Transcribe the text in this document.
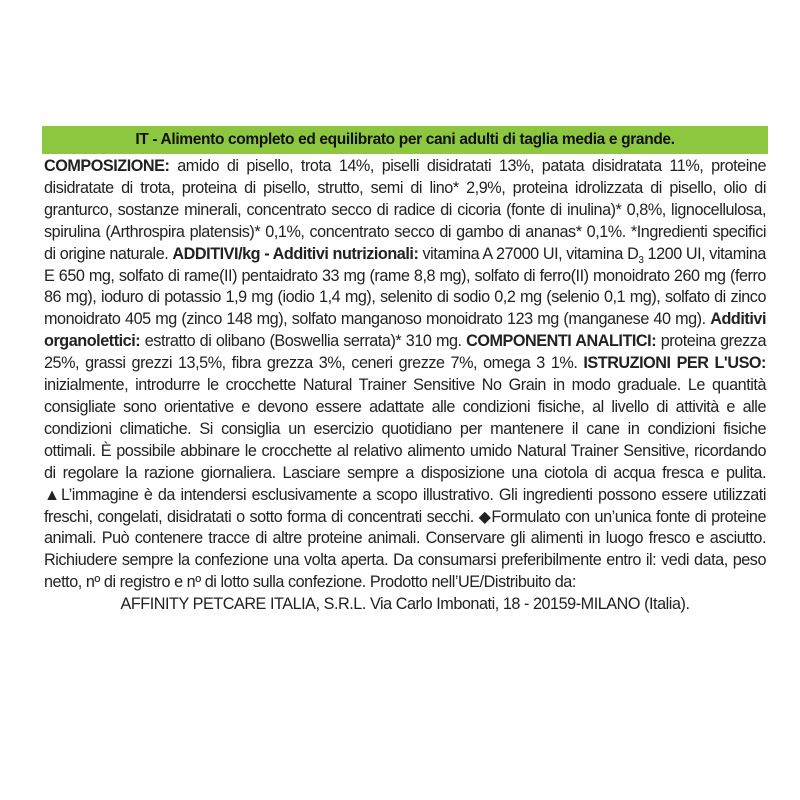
IT - Alimento completo ed equilibrato per cani adulti di taglia media e grande.
COMPOSIZIONE: amido di pisello, trota 14%, piselli disidratati 13%, patata disidratata 11%, proteine disidratate di trota, proteina di pisello, strutto, semi di lino* 2,9%, proteina idrolizzata di pisello, olio di granturco, sostanze minerali, concentrato secco di radice di cicoria (fonte di inulina)* 0,8%, lignocellulosa, spirulina (Arthrospira platensis)* 0,1%, concentrato secco di gambo di ananas* 0,1%. *Ingredienti specifici di origine naturale. ADDITIVI/kg - Additivi nutrizionali: vitamina A 27000 UI, vitamina $D_3$ 1200 UI, vitamina E 650 mg, solfato di rame(II) pentaidrato 33 mg (rame 8,8 mg), solfato di ferro(II) monoidrato 260 mg (ferro 86 mg), ioduro di potassio 1,9 mg (iodio 1,4 mg), selenito di sodio 0,2 mg (selenio 0,1 mg), solfato di zinco monoidrato 405 mg (zinco 148 mg), solfato manganoso monoidrato 123 mg (manganese 40 mg). Additivi organolettici: estratto di olibano (Boswellia serrata)* 310 mg. COMPONENTI ANALITICI: proteina grezza 25%, grassi grezzi 13,5%, fibra grezza 3%, ceneri grezze 7%, omega 3 1%. ISTRUZIONI PER L'USO: inizialmente, introdurre le crocchette Natural Trainer Sensitive No Grain in modo graduale. Le quantità consigliate sono orientative e devono essere adattate alle condizioni fisiche, al livello di attività e alle condizioni climatiche. Si consiglia un esercizio quotidiano per mantenere il cane in condizioni fisiche ottimali. È possibile abbinare le crocchette al relativo alimento umido Natural Trainer Sensitive, ricordando di regolare la razione giornaliera. Lasciare sempre a disposizione una ciotola di acqua fresca e pulita. ▲L’immagine è da intendersi esclusivamente a scopo illustrativo. Gli ingredienti possono essere utilizzati freschi, congelati, disidratati o sotto forma di concentrati secchi. ◆Formulato con un’unica fonte di proteine animali. Può contenere tracce di altre proteine animali. Conservare gli alimenti in luogo fresco e asciutto. Richiudere sempre la confezione una volta aperta. Da consumarsi preferibilmente entro il: vedi data, peso netto, nº di registro e nº di lotto sulla confezione. Prodotto nell’UE/Distribuito da:
AFFINITY PETCARE ITALIA, S.R.L. Via Carlo Imbonati, 18 - 20159-MILANO (Italia).
